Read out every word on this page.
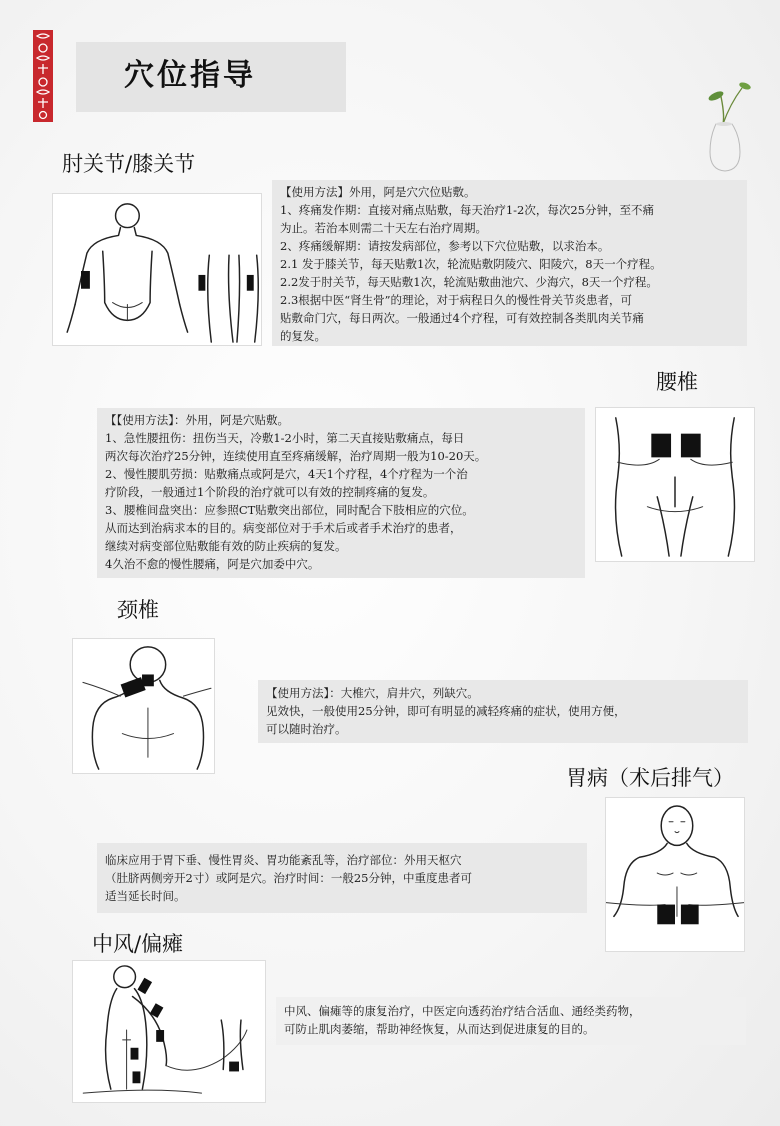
穴位指导
肘关节/膝关节

【使用方法】外用，阿是穴穴位贴敷。

1、疼痛发作期：直接对痛点贴敷，每天治疗1-2次，每次25分钟，至不痛

为止。若治本则需二十天左右治疗周期。

2、疼痛缓解期：请按发病部位，参考以下穴位贴敷，以求治本。

2.1 发于膝关节，每天贴敷1次，轮流贴敷阴陵穴、阳陵穴，8天一个疗程。

2.2发于肘关节，每天贴敷1次，轮流贴敷曲池穴、少海穴，8天一个疗程。

2.3根据中医“肾生骨”的理论，对于病程日久的慢性骨关节炎患者，可

贴敷命门穴，每日两次。一般通过4个疗程，可有效控制各类肌肉关节痛

的复发。

腰椎

【【使用方法】：外用，阿是穴贴敷。

1、急性腰扭伤：扭伤当天，冷敷1-2小时，第二天直接贴敷痛点，每日

两次每次治疗25分钟，连续使用直至疼痛缓解，治疗周期一般为10-20天。

2、慢性腰肌劳损：贴敷痛点或阿是穴，4天1个疗程，4个疗程为一个治

疗阶段，一般通过1个阶段的治疗就可以有效的控制疼痛的复发。

3、腰椎间盘突出：应参照CT贴敷突出部位，同时配合下肢相应的穴位。

从而达到治病求本的目的。病变部位对于手术后或者手术治疗的患者，

继续对病变部位贴敷能有效的防止疾病的复发。

4久治不愈的慢性腰痛，阿是穴加委中穴。

颈椎

【使用方法】：大椎穴，肩井穴，列缺穴。

见效快，一般使用25分钟，即可有明显的减轻疼痛的症状，使用方便，

可以随时治疗。

胃病（术后排气）

临床应用于胃下垂、慢性胃炎、胃功能紊乱等，治疗部位：外用天枢穴

（肚脐两侧旁开2寸）或阿是穴。治疗时间：一般25分钟，中重度患者可

适当延长时间。

中风/偏瘫

中风、偏瘫等的康复治疗，中医定向透药治疗结合活血、通经类药物，

可防止肌肉萎缩，帮助神经恢复，从而达到促进康复的目的。
